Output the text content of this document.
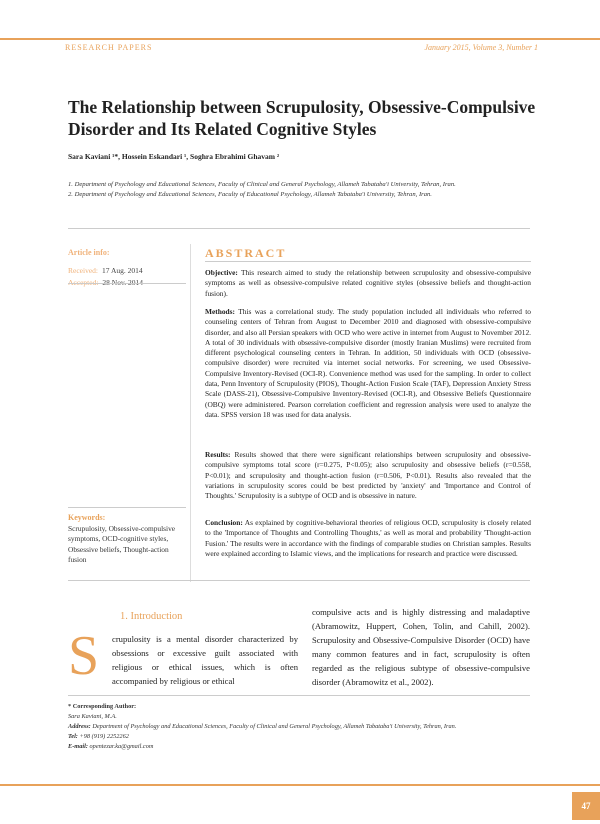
RESEARCH PAPERS	January 2015, Volume 3, Number 1
The Relationship between Scrupulosity, Obsessive-Compulsive Disorder and Its Related Cognitive Styles
Sara Kaviani ¹*, Hossein Eskandari ¹, Soghra Ebrahimi Ghavam ²
1. Department of Psychology and Educational Sciences, Faculty of Clinical and General Psychology, Allameh Tabataba'i University, Tehran, Iran.
2. Department of Psychology and Educational Sciences, Faculty of Educational Psychology, Allameh Tabataba'i University, Tehran, Iran.
Article info:
Received: 17 Aug. 2014
ABSTRACT
Objective: This research aimed to study the relationship between scrupulosity and obsessive-compulsive symptoms as well as obsessive-compulsive related cognitive styles (obsessive beliefs and thought-action fusion).
Methods: This was a correlational study. The study population included all individuals who referred to counseling centers of Tehran from August to December 2010 and diagnosed with obsessive-compulsive disorder, and also all Persian speakers with OCD who were active in internet from August to November 2012. A total of 30 individuals with obsessive-compulsive disorder (mostly Iranian Muslims) were recruited from different psychological counseling centers in Tehran. In addition, 50 individuals with OCD (obsessive-compulsive disorder) were recruited via internet social networks. For screening, we used Obsessive-Compulsive Inventory-Revised (OCI-R). Convenience method was used for the sampling. In order to collect data, Penn Inventory of Scrupulosity (PIOS), Thought-Action Fusion Scale (TAF), Depression Anxiety Stress Scale (DASS-21), Obsessive-Compulsive Inventory-Revised (OCI-R), and Obsessive Beliefs Questionnaire (OBQ) were administered. Pearson correlation coefficient and regression analysis were used to analyze the data. SPSS version 18 was used for data analysis.
Results: Results showed that there were significant relationships between scrupulosity and obsessive-compulsive symptoms total score (r=0.275, P<0.05); also scrupulosity and obsessive beliefs (r=0.558, P<0.01); and scrupulosity and thought-action fusion (r=0.506, P<0.01). Results also revealed that the variations in scrupulosity scores could be best predicted by 'anxiety' and 'Importance and Control of Thoughts.' Scrupulosity is a subtype of OCD and is obsessive in nature.
Conclusion: As explained by cognitive-behavioral theories of religious OCD, scrupulosity is closely related to the 'Importance of Thoughts and Controlling Thoughts,' as well as moral and probability 'Thought-action Fusion.' The results were in accordance with the findings of comparable studies on Christian samples. Results were explained according to Islamic views, and the implications for research and practice were discussed.
Keywords:
Scrupulosity, Obsessive-compulsive symptoms, OCD-cognitive styles, Obsessive beliefs, Thought-action fusion
1. Introduction
S crupulosity is a mental disorder characterized by obsessions or excessive guilt associated with religious or ethical issues, which is often accompanied by religious or ethical
compulsive acts and is highly distressing and maladaptive (Abramowitz, Huppert, Cohen, Tolin, and Cahill, 2002). Scrupulosity and Obsessive-Compulsive Disorder (OCD) have many common features and in fact, scrupulosity is often regarded as the religious subtype of obsessive-compulsive disorder (Abramowitz et al., 2002).
* Corresponding Author:
Sara Kaviani, M.A.
Address: Department of Psychology and Educational Sciences, Faculty of Clinical and General Psychology, Allameh Tabataba'i University, Tehran, Iran.
Tel: +98 (919) 2252262
E-mail: opentezar.ka@gmail.com
47
